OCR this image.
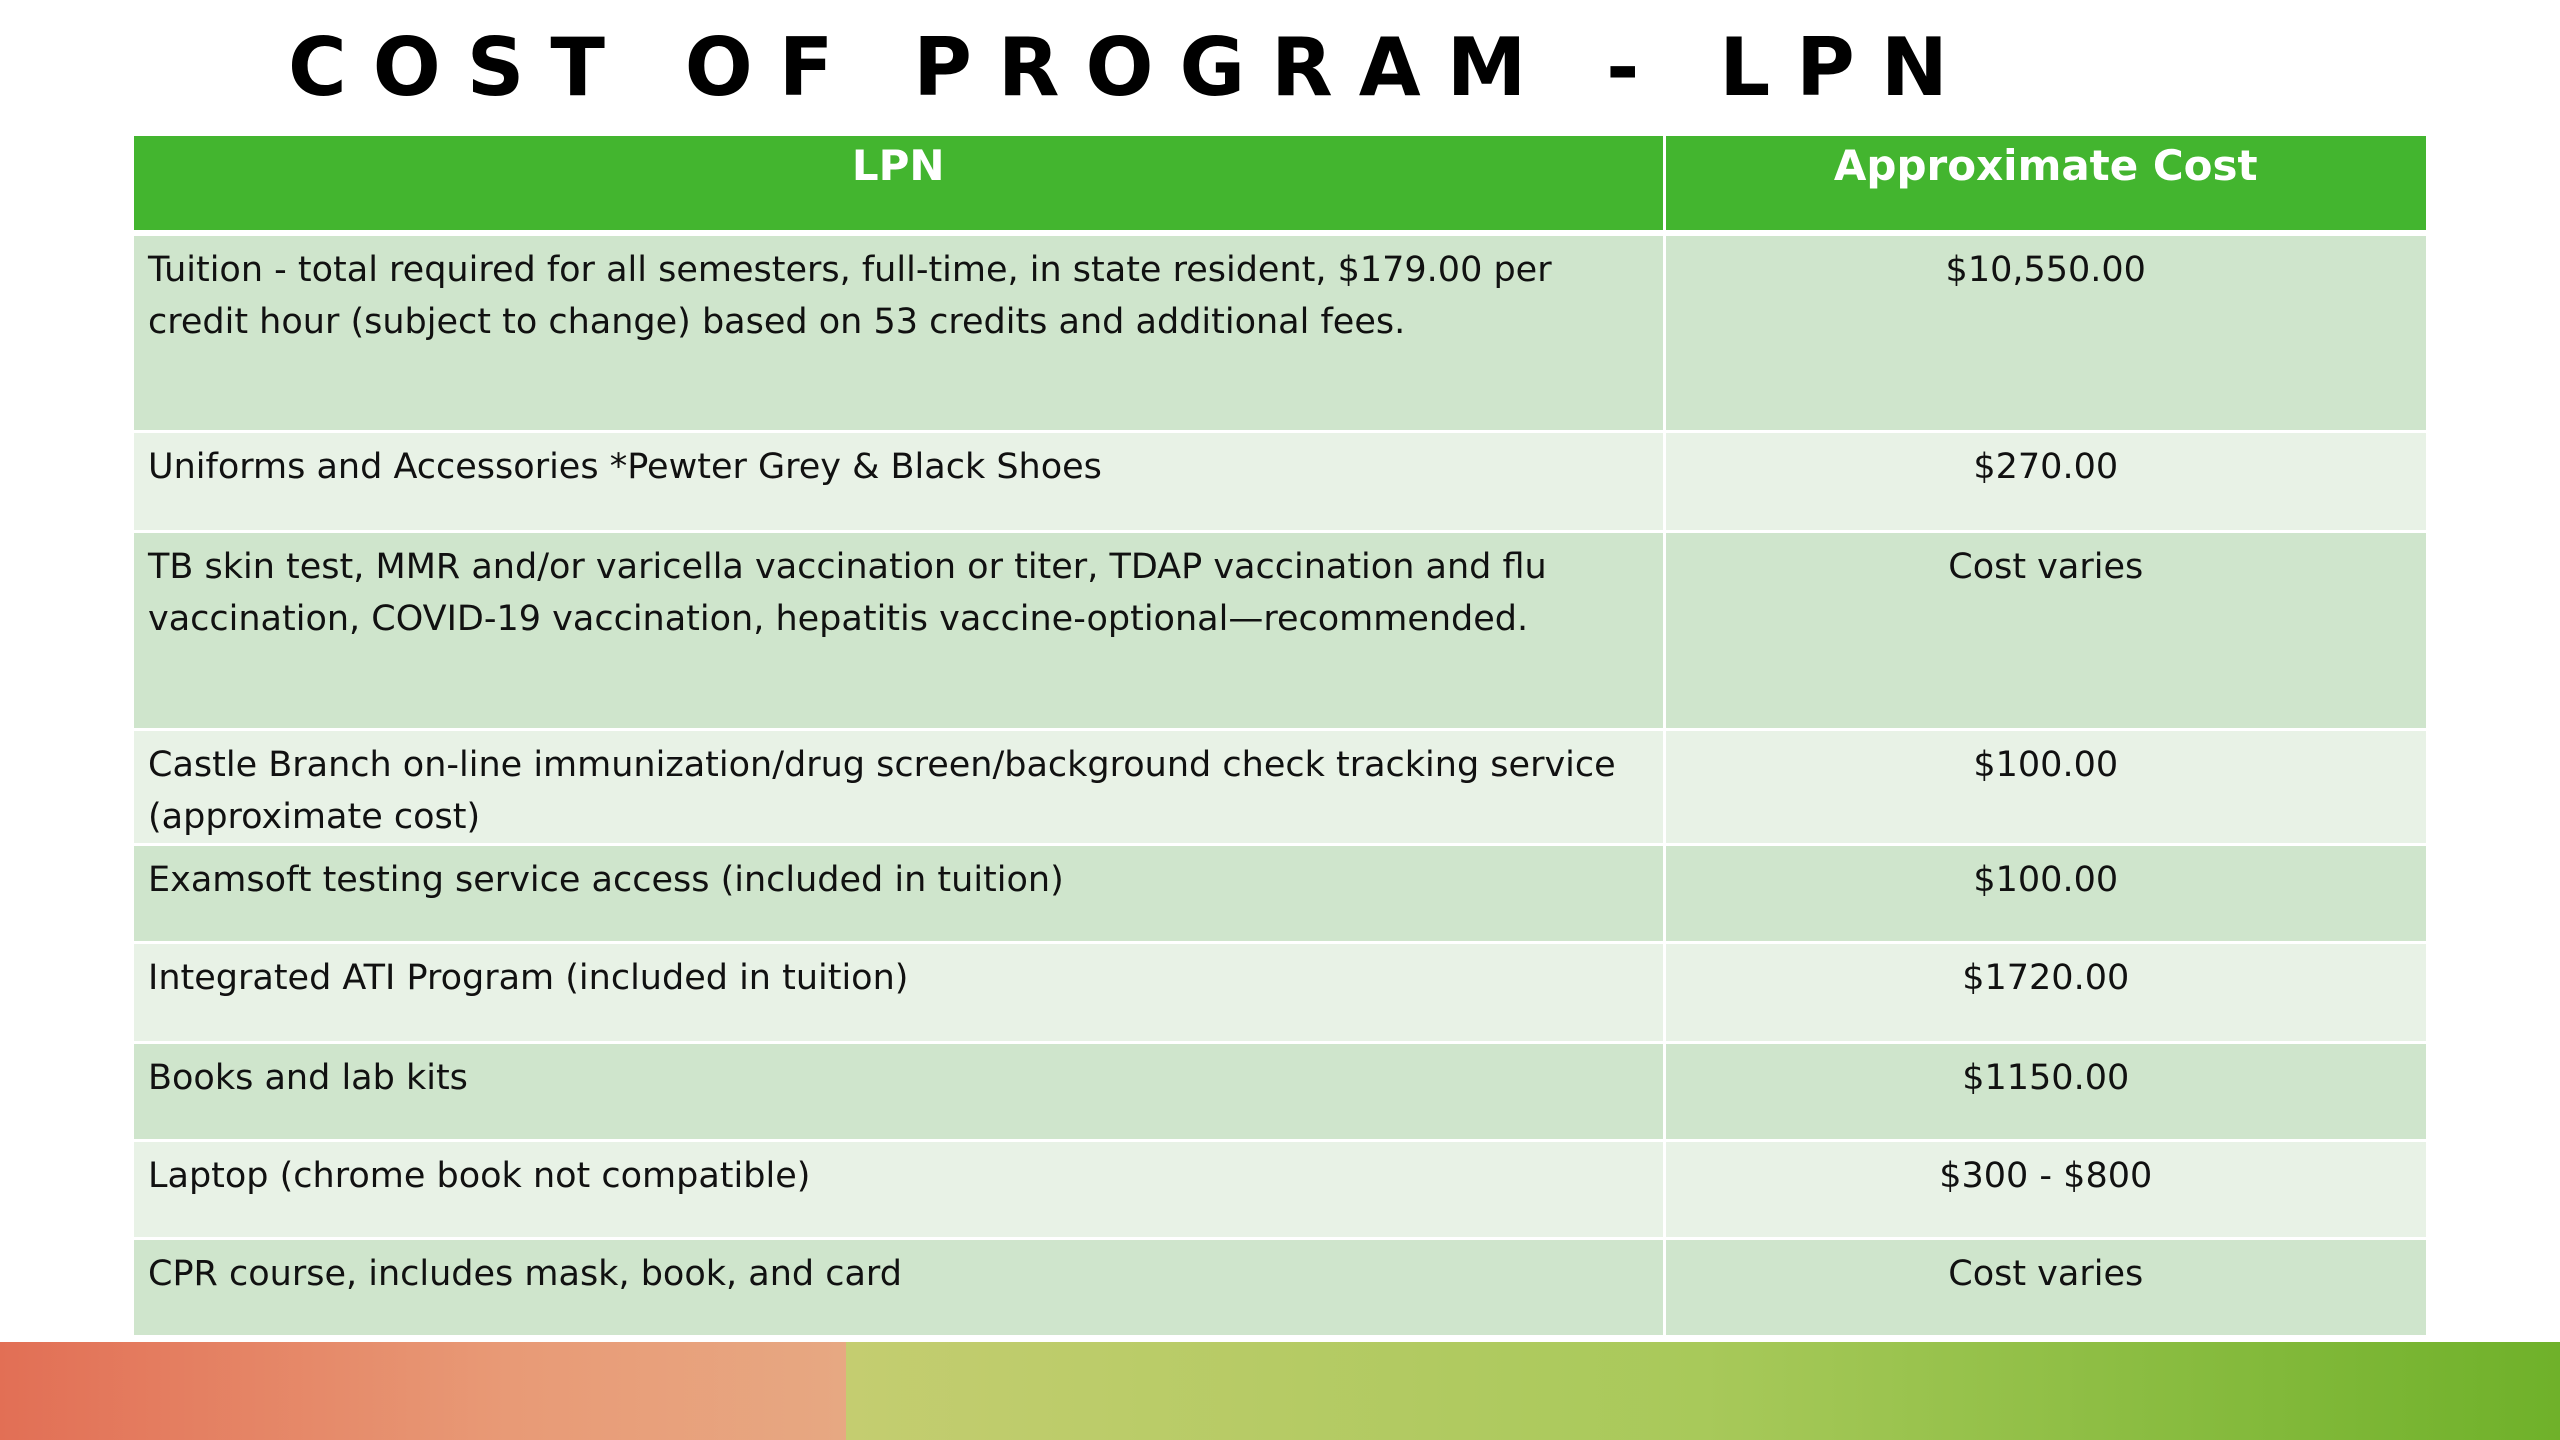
COST OF PROGRAM - LPN
LPN	Approximate Cost
Tuition - total required for all semesters, full-time, in state resident, $179.00 per credit hour (subject to change) based on 53 credits and additional fees.	$10,550.00
Uniforms and Accessories *Pewter Grey & Black Shoes	$270.00
TB skin test, MMR and/or varicella vaccination or titer, TDAP vaccination and flu vaccination, COVID-19 vaccination, hepatitis vaccine-optional—recommended.	Cost varies
Castle Branch on-line immunization/drug screen/background check tracking service (approximate cost)	$100.00
Examsoft testing service access (included in tuition)	$100.00
Integrated ATI Program (included in tuition)	$1720.00
Books and lab kits	$1150.00
Laptop (chrome book not compatible)	$300 - $800
CPR course, includes mask, book, and card	Cost varies
